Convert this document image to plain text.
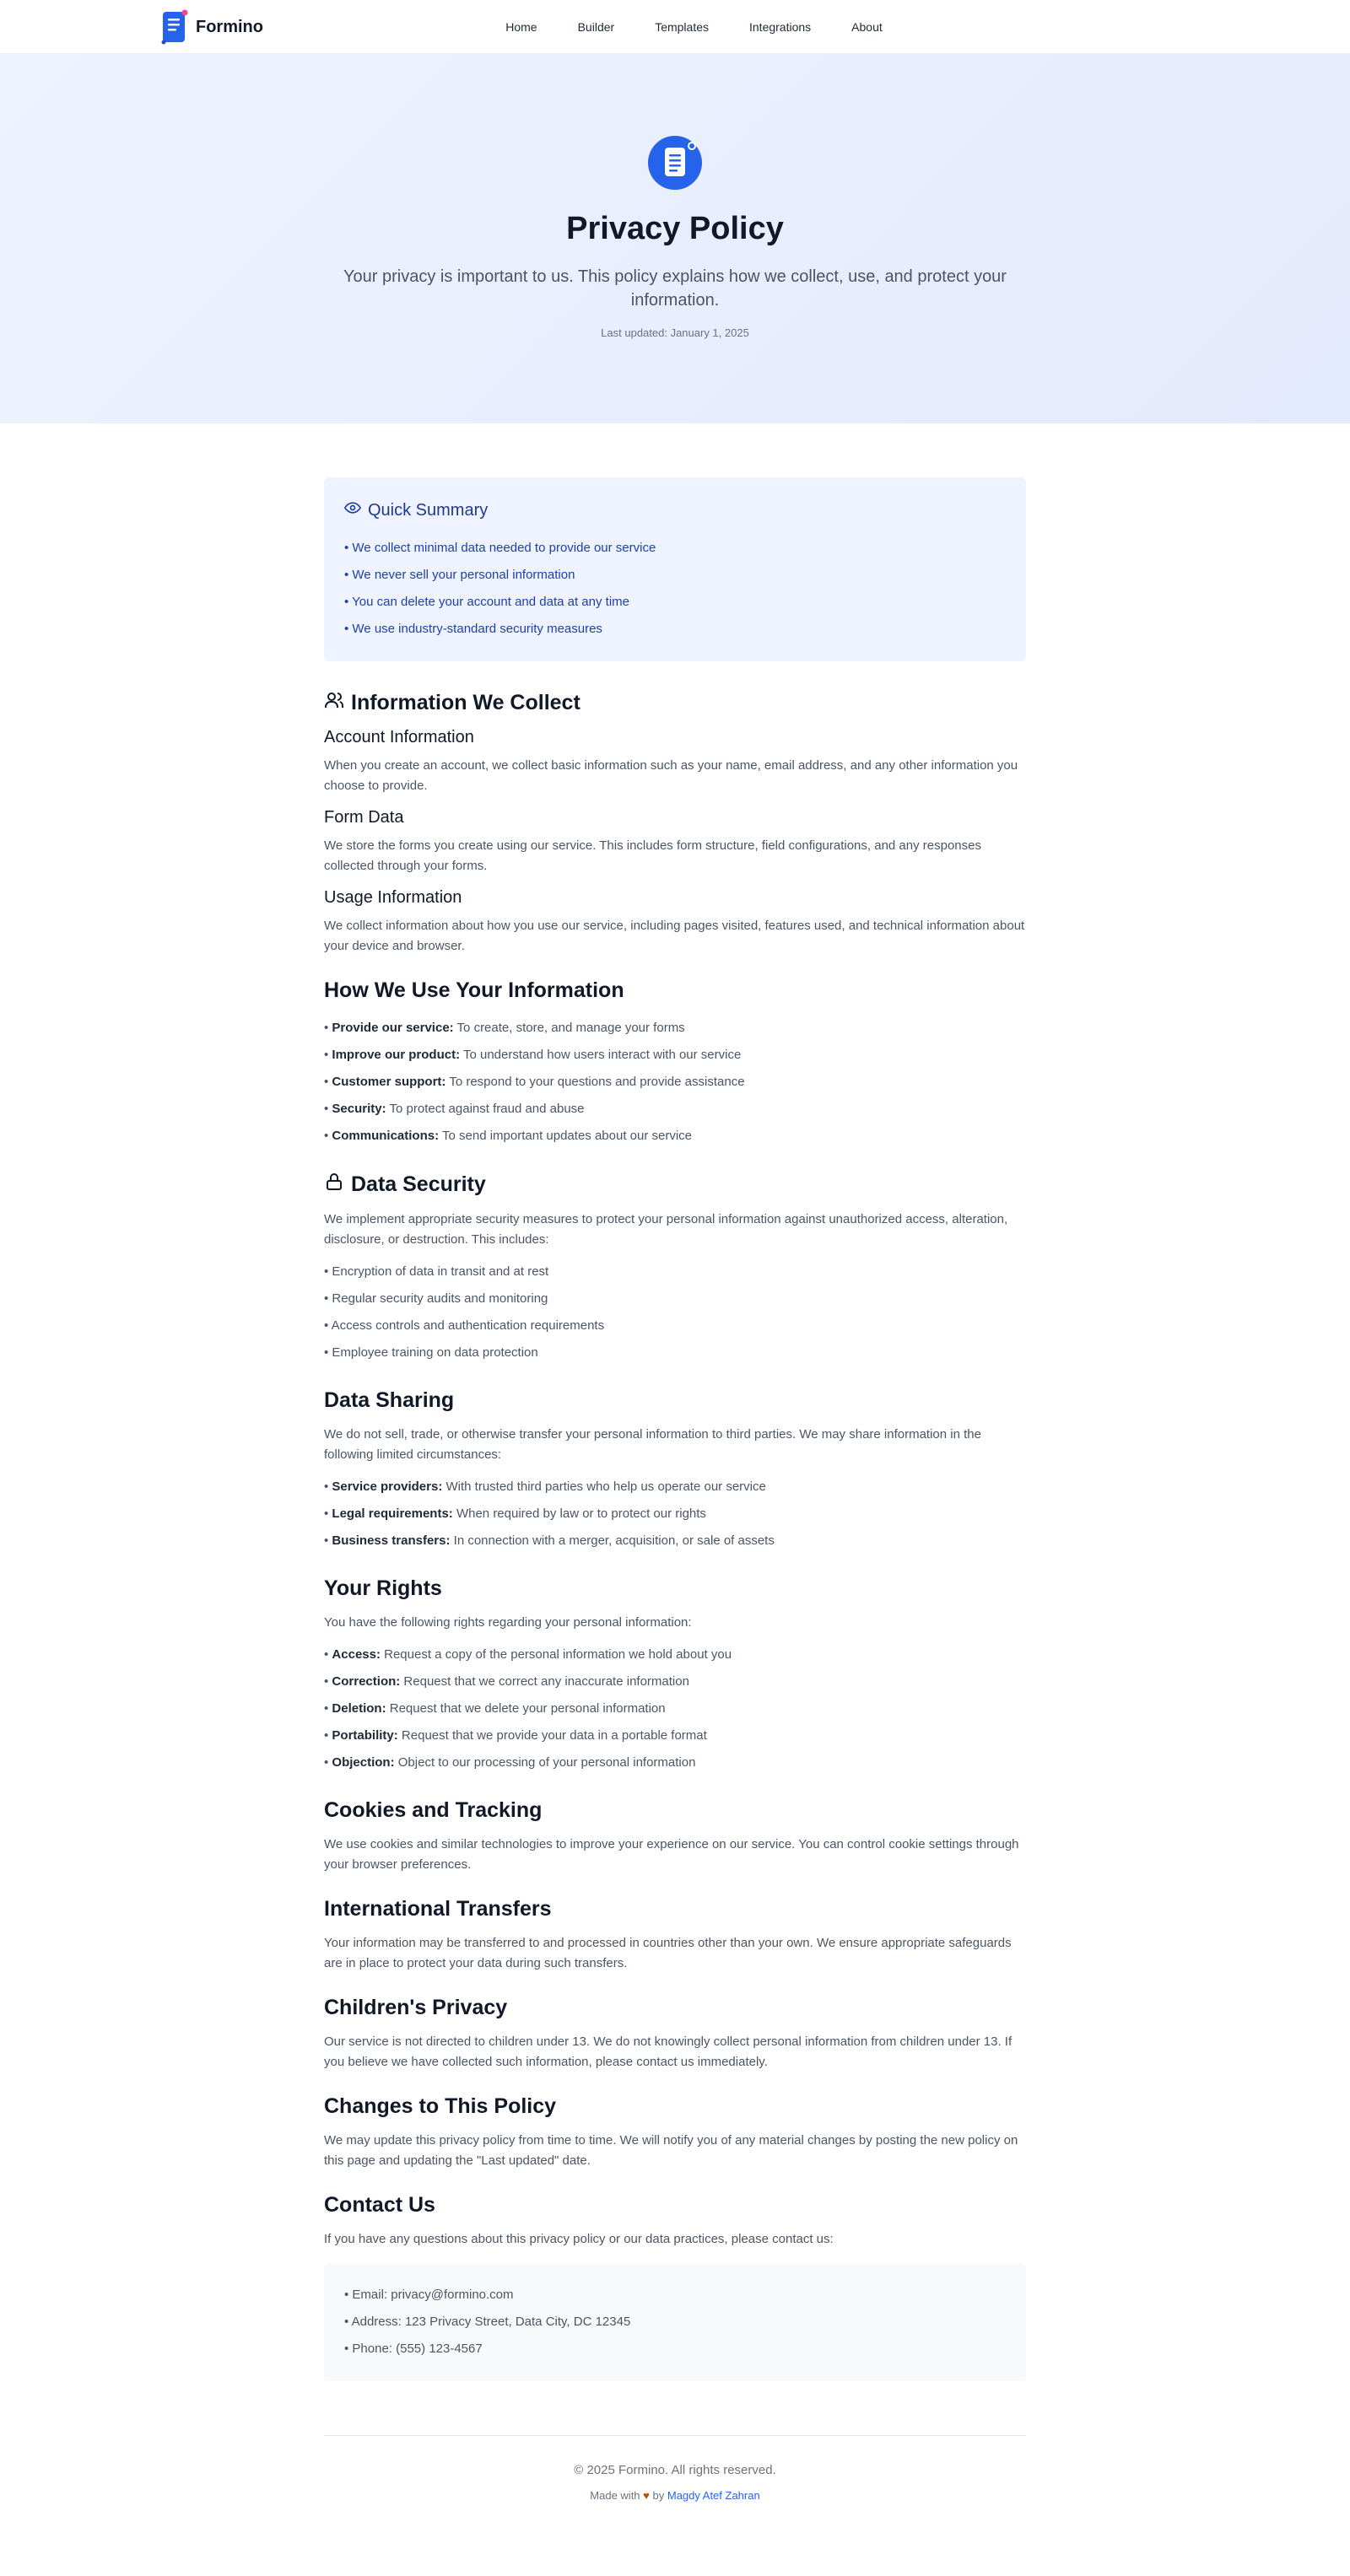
Formino	Home	Builder	Templates	Integrations	About
Privacy Policy
Your privacy is important to us. This policy explains how we collect, use, and protect your information.
Last updated: January 1, 2025
Quick Summary
• We collect minimal data needed to provide our service
• We never sell your personal information
• You can delete your account and data at any time
• We use industry-standard security measures
Information We Collect
Account Information

When you create an account, we collect basic information such as your name, email address, and any other information you choose to provide.

Form Data

We store the forms you create using our service. This includes form structure, field configurations, and any responses collected through your forms.

Usage Information

We collect information about how you use our service, including pages visited, features used, and technical information about your device and browser.

How We Use Your Information
• Provide our service: To create, store, and manage your forms
• Improve our product: To understand how users interact with our service
• Customer support: To respond to your questions and provide assistance
• Security: To protect against fraud and abuse
• Communications: To send important updates about our service
Data Security

We implement appropriate security measures to protect your personal information against unauthorized access, alteration, disclosure, or destruction. This includes:

• Encryption of data in transit and at rest
• Regular security audits and monitoring
• Access controls and authentication requirements
• Employee training on data protection
Data Sharing

We do not sell, trade, or otherwise transfer your personal information to third parties. We may share information in the following limited circumstances:

• Service providers: With trusted third parties who help us operate our service
• Legal requirements: When required by law or to protect our rights
• Business transfers: In connection with a merger, acquisition, or sale of assets
Your Rights

You have the following rights regarding your personal information:

• Access: Request a copy of the personal information we hold about you
• Correction: Request that we correct any inaccurate information
• Deletion: Request that we delete your personal information
• Portability: Request that we provide your data in a portable format
• Objection: Object to our processing of your personal information
Cookies and Tracking

We use cookies and similar technologies to improve your experience on our service. You can control cookie settings through your browser preferences.

International Transfers

Your information may be transferred to and processed in countries other than your own. We ensure appropriate safeguards are in place to protect your data during such transfers.

Children's Privacy

Our service is not directed to children under 13. We do not knowingly collect personal information from children under 13. If you believe we have collected such information, please contact us immediately.

Changes to This Policy

We may update this privacy policy from time to time. We will notify you of any material changes by posting the new policy on this page and updating the "Last updated" date.

Contact Us

If you have any questions about this privacy policy or our data practices, please contact us:

• Email: privacy@formino.com
• Address: 123 Privacy Street, Data City, DC 12345
• Phone: (555) 123-4567
© 2025 Formino. All rights reserved.
Made with ♥ by Magdy Atef Zahran
